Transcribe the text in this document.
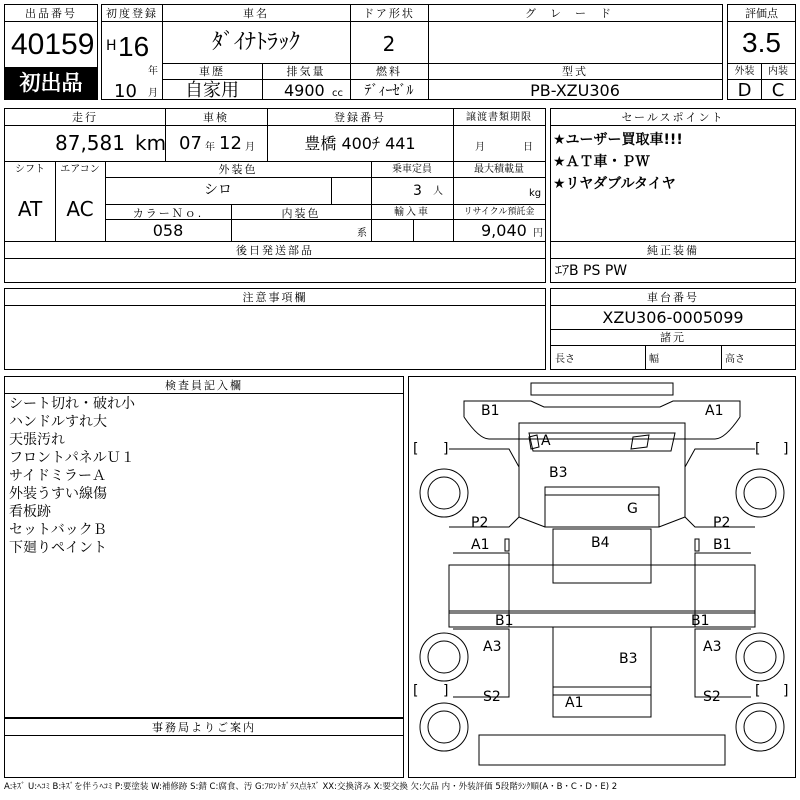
出品番号
40159
初出品
初度登録
H 16
年
10 月
車名
ﾀﾞｲﾅﾄﾗｯｸ
ドア形状
2
グレード
車歴
自家用
排気量
4900 cc
燃料
ﾃﾞｨｰｾﾞﾙ
型式
PB-XZU306
評価点
3.5
外装	内装
D	C
走行
87,581 km
車検
07 年 12 月
登録番号
豊橋 400ﾁ 441
譲渡書類期限
月	日
シフト
AT
エアコン
AC
外装色
シロ
乗車定員
3 人
最大積載量
kg
カラーＮｏ.
058
内装色
系
輸入車	リサイクル預託金
9,040 円
後日発送部品
セールスポイント
★ユーザー買取車!!!
★ＡＴ車・ＰＷ
★リヤダブルタイヤ
純正装備
ｴｱB PS PW
注意事項欄	車台番号
XZU306-0005099
諸元
長さ	幅	高さ
検査員記入欄
シート切れ・破れ小
ハンドルすれ大
天張汚れ
フロントパネルＵ１
サイドミラーＡ
外装うすい線傷
看板跡
セットバックＢ
下廻りペイント
事務局よりご案内
B1	A1
A
B3
G
P2	P2
A1	B4	B1
B1	B1
A3	A3
B3
S2	S2
A1
[ ]	[ ]
[ ]	[ ]
A:ｷｽﾞ U:ﾍｺﾐ B:ｷｽﾞを伴うﾍｺﾐ P:要塗装 W:補修跡 S:錆 C:腐食、汚 G:ﾌﾛﾝﾄｶﾞﾗｽ点ｷｽﾞ XX:交換済み X:要交換 欠:欠品 内・外装評価 5段階ﾗﾝｸ順(A・B・C・D・E) 2
